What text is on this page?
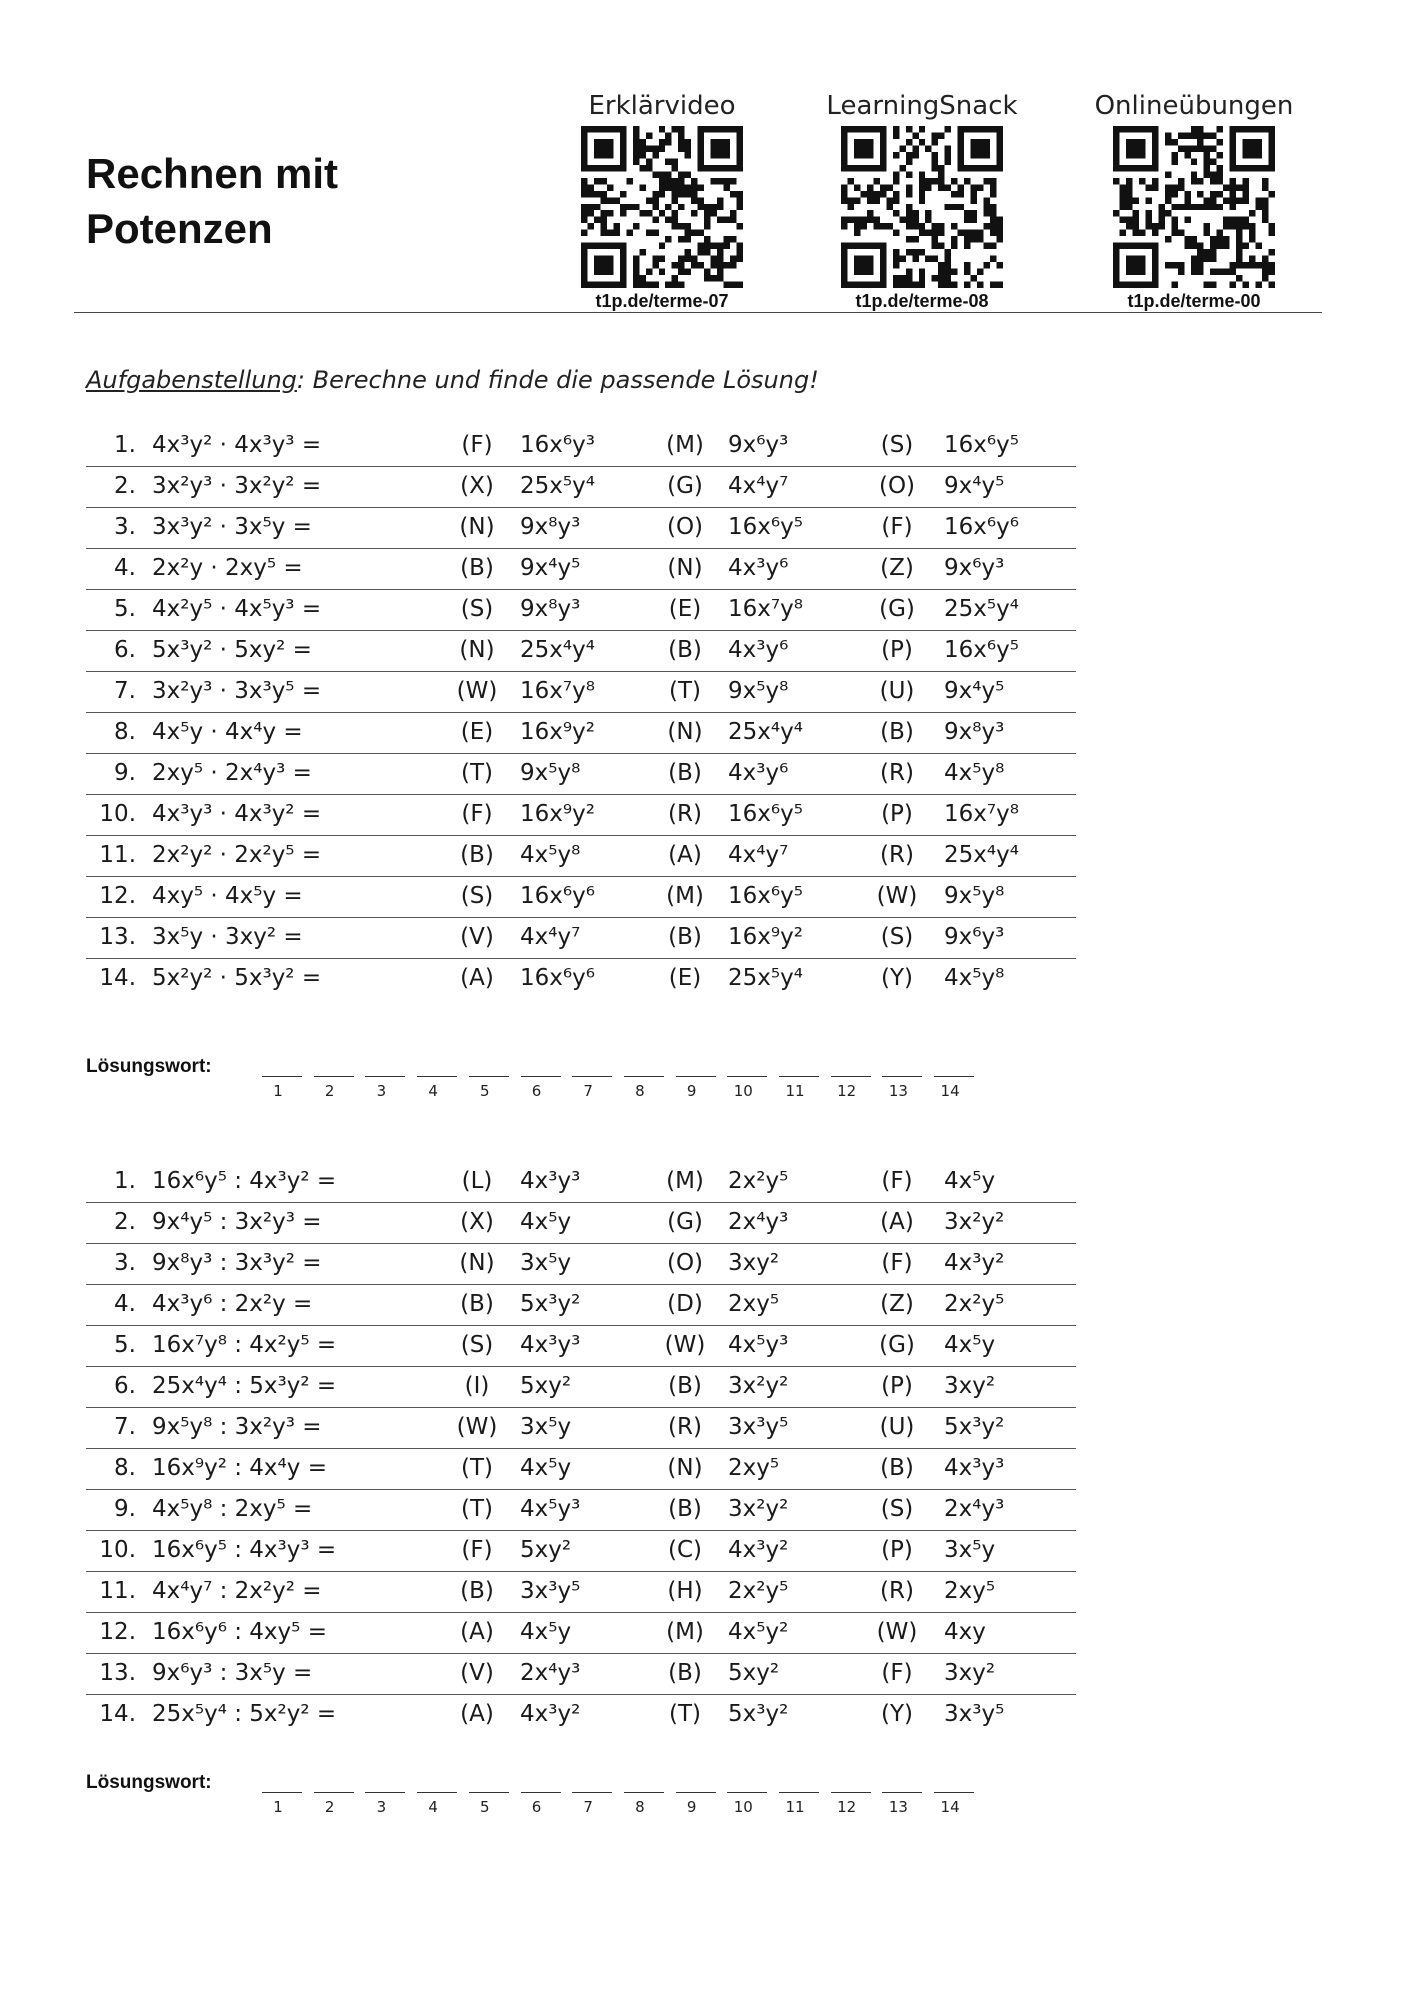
Rechnen mit
Potenzen
Erklärvideo
t1p.de/terme-07
LearningSnack
t1p.de/terme-08
Onlineübungen
t1p.de/terme-00
Aufgabenstellung: Berechne und finde die passende Lösung!
1. 4x³y² · 4x³y³ =	(F) 16x⁶y³	(M) 9x⁶y³	(S) 16x⁶y⁵
2. 3x²y³ · 3x²y² =	(X) 25x⁵y⁴	(G) 4x⁴y⁷	(O) 9x⁴y⁵
3. 3x³y² · 3x⁵y =	(N) 9x⁸y³	(O) 16x⁶y⁵	(F) 16x⁶y⁶
4. 2x²y · 2xy⁵ =	(B) 9x⁴y⁵	(N) 4x³y⁶	(Z) 9x⁶y³
5. 4x²y⁵ · 4x⁵y³ =	(S) 9x⁸y³	(E) 16x⁷y⁸	(G) 25x⁵y⁴
6. 5x³y² · 5xy² =	(N) 25x⁴y⁴	(B) 4x³y⁶	(P) 16x⁶y⁵
7. 3x²y³ · 3x³y⁵ =	(W) 16x⁷y⁸	(T) 9x⁵y⁸	(U) 9x⁴y⁵
8. 4x⁵y · 4x⁴y =	(E) 16x⁹y²	(N) 25x⁴y⁴	(B) 9x⁸y³
9. 2xy⁵ · 2x⁴y³ =	(T) 9x⁵y⁸	(B) 4x³y⁶	(R) 4x⁵y⁸
10. 4x³y³ · 4x³y² =	(F) 16x⁹y²	(R) 16x⁶y⁵	(P) 16x⁷y⁸
11. 2x²y² · 2x²y⁵ =	(B) 4x⁵y⁸	(A) 4x⁴y⁷	(R) 25x⁴y⁴
12. 4xy⁵ · 4x⁵y =	(S) 16x⁶y⁶	(M) 16x⁶y⁵	(W) 9x⁵y⁸
13. 3x⁵y · 3xy² =	(V) 4x⁴y⁷	(B) 16x⁹y²	(S) 9x⁶y³
14. 5x²y² · 5x³y² =	(A) 16x⁶y⁶	(E) 25x⁵y⁴	(Y) 4x⁵y⁸
Lösungswort:
1	2	3	4	5	6	7	8	9	10	11	12	13	14
1. 16x⁶y⁵ : 4x³y² =	(L) 4x³y³	(M) 2x²y⁵	(F) 4x⁵y
2. 9x⁴y⁵ : 3x²y³ =	(X) 4x⁵y	(G) 2x⁴y³	(A) 3x²y²
3. 9x⁸y³ : 3x³y² =	(N) 3x⁵y	(O) 3xy²	(F) 4x³y²
4. 4x³y⁶ : 2x²y =	(B) 5x³y²	(D) 2xy⁵	(Z) 2x²y⁵
5. 16x⁷y⁸ : 4x²y⁵ =	(S) 4x³y³	(W) 4x⁵y³	(G) 4x⁵y
6. 25x⁴y⁴ : 5x³y² =	(I)	5xy²	(B) 3x²y²	(P) 3xy²
7. 9x⁵y⁸ : 3x²y³ =	(W) 3x⁵y	(R) 3x³y⁵	(U) 5x³y²
8. 16x⁹y² : 4x⁴y =	(T) 4x⁵y	(N) 2xy⁵	(B) 4x³y³
9. 4x⁵y⁸ : 2xy⁵ =	(T) 4x⁵y³	(B) 3x²y²	(S) 2x⁴y³
10. 16x⁶y⁵ : 4x³y³ =	(F) 5xy²	(C) 4x³y²	(P) 3x⁵y
11. 4x⁴y⁷ : 2x²y² =	(B) 3x³y⁵	(H) 2x²y⁵	(R) 2xy⁵
12. 16x⁶y⁶ : 4xy⁵ =	(A) 4x⁵y	(M) 4x⁵y²	(W) 4xy
13. 9x⁶y³ : 3x⁵y =	(V) 2x⁴y³	(B) 5xy²	(F) 3xy²
14. 25x⁵y⁴ : 5x²y² =	(A) 4x³y²	(T) 5x³y²	(Y) 3x³y⁵
Lösungswort:
1	2	3	4	5	6	7	8	9	10	11	12	13	14
